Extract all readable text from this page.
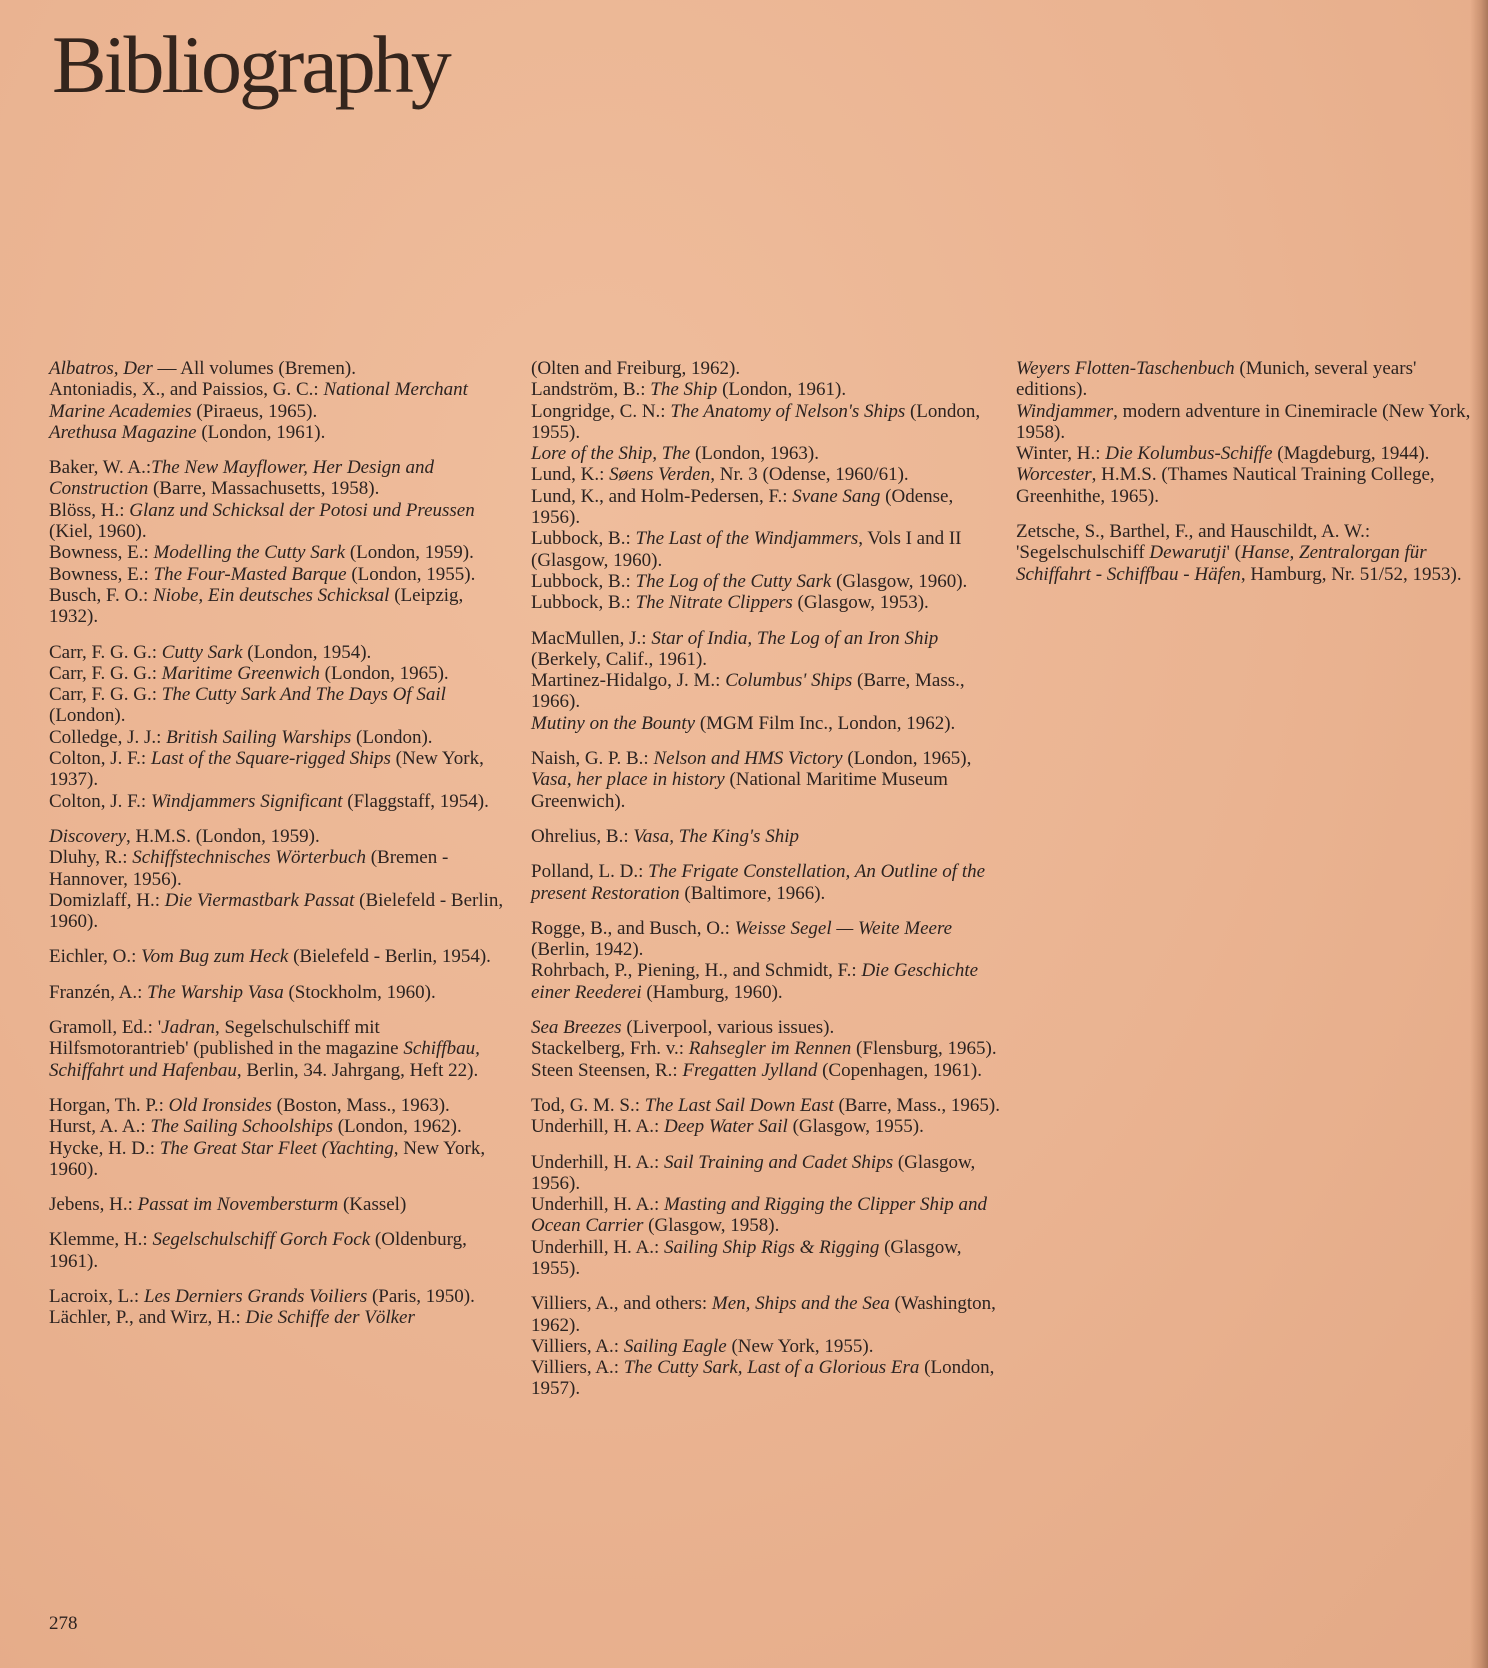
Bibliography

Albatros, Der — All volumes (Bremen).

Antoniadis, X., and Paissios, G. C.: National Merchant Marine Academies (Piraeus, 1965).

Arethusa Magazine (London, 1961).

Baker, W. A.:The New Mayflower, Her Design and Construction (Barre, Massachusetts, 1958).

Blöss, H.: Glanz und Schicksal der Potosi und Preussen (Kiel, 1960).

Bowness, E.: Modelling the Cutty Sark (London, 1959).

Bowness, E.: The Four-Masted Barque (London, 1955).

Busch, F. O.: Niobe, Ein deutsches Schicksal (Leipzig, 1932).

Carr, F. G. G.: Cutty Sark (London, 1954).

Carr, F. G. G.: Maritime Greenwich (London, 1965).

Carr, F. G. G.: The Cutty Sark And The Days Of Sail (London).

Colledge, J. J.: British Sailing Warships (London).

Colton, J. F.: Last of the Square-rigged Ships (New York, 1937).

Colton, J. F.: Windjammers Significant (Flaggstaff, 1954).

Discovery, H.M.S. (London, 1959).

Dluhy, R.: Schiffstechnisches Wörterbuch (Bremen - Hannover, 1956).

Domizlaff, H.: Die Viermastbark Passat (Bielefeld - Berlin, 1960).

Eichler, O.: Vom Bug zum Heck (Bielefeld - Berlin, 1954).

Franzén, A.: The Warship Vasa (Stockholm, 1960).

Gramoll, Ed.: 'Jadran, Segelschulschiff mit Hilfsmotorantrieb' (published in the magazine Schiffbau, Schiffahrt und Hafenbau, Berlin, 34. Jahrgang, Heft 22).

Horgan, Th. P.: Old Ironsides (Boston, Mass., 1963).

Hurst, A. A.: The Sailing Schoolships (London, 1962).

Hycke, H. D.: The Great Star Fleet (Yachting, New York, 1960).

Jebens, H.: Passat im Novembersturm (Kassel)

Klemme, H.: Segelschulschiff Gorch Fock (Oldenburg, 1961).

Lacroix, L.: Les Derniers Grands Voiliers (Paris, 1950).

Lächler, P., and Wirz, H.: Die Schiffe der Völker

(Olten and Freiburg, 1962).

Landström, B.: The Ship (London, 1961).

Longridge, C. N.: The Anatomy of Nelson's Ships (London, 1955).

Lore of the Ship, The (London, 1963).

Lund, K.: Søens Verden, Nr. 3 (Odense, 1960/61).

Lund, K., and Holm-Pedersen, F.: Svane Sang (Odense, 1956).

Lubbock, B.: The Last of the Windjammers, Vols I and II (Glasgow, 1960).

Lubbock, B.: The Log of the Cutty Sark (Glasgow, 1960).

Lubbock, B.: The Nitrate Clippers (Glasgow, 1953).

MacMullen, J.: Star of India, The Log of an Iron Ship (Berkely, Calif., 1961).

Martinez-Hidalgo, J. M.: Columbus' Ships (Barre, Mass., 1966).

Mutiny on the Bounty (MGM Film Inc., London, 1962).

Naish, G. P. B.: Nelson and HMS Victory (London, 1965), Vasa, her place in history (National Maritime Museum Greenwich).

Ohrelius, B.: Vasa, The King's Ship

Polland, L. D.: The Frigate Constellation, An Outline of the present Restoration (Baltimore, 1966).

Rogge, B., and Busch, O.: Weisse Segel — Weite Meere (Berlin, 1942).

Rohrbach, P., Piening, H., and Schmidt, F.: Die Geschichte einer Reederei (Hamburg, 1960).

Sea Breezes (Liverpool, various issues).

Stackelberg, Frh. v.: Rahsegler im Rennen (Flensburg, 1965).

Steen Steensen, R.: Fregatten Jylland (Copenhagen, 1961).

Tod, G. M. S.: The Last Sail Down East (Barre, Mass., 1965).

Underhill, H. A.: Deep Water Sail (Glasgow, 1955).

Underhill, H. A.: Sail Training and Cadet Ships (Glasgow, 1956).

Underhill, H. A.: Masting and Rigging the Clipper Ship and Ocean Carrier (Glasgow, 1958).

Underhill, H. A.: Sailing Ship Rigs & Rigging (Glasgow, 1955).

Villiers, A., and others: Men, Ships and the Sea (Washington, 1962).

Villiers, A.: Sailing Eagle (New York, 1955).

Villiers, A.: The Cutty Sark, Last of a Glorious Era (London, 1957).

Weyers Flotten-Taschenbuch (Munich, several years' editions).

Windjammer, modern adventure in Cinemiracle (New York, 1958).

Winter, H.: Die Kolumbus-Schiffe (Magdeburg, 1944).

Worcester, H.M.S. (Thames Nautical Training College, Greenhithe, 1965).

Zetsche, S., Barthel, F., and Hauschildt, A. W.: 'Segelschulschiff Dewarutji' (Hanse, Zentralorgan für Schiffahrt - Schiffbau - Häfen, Hamburg, Nr. 51/52, 1953).

278
